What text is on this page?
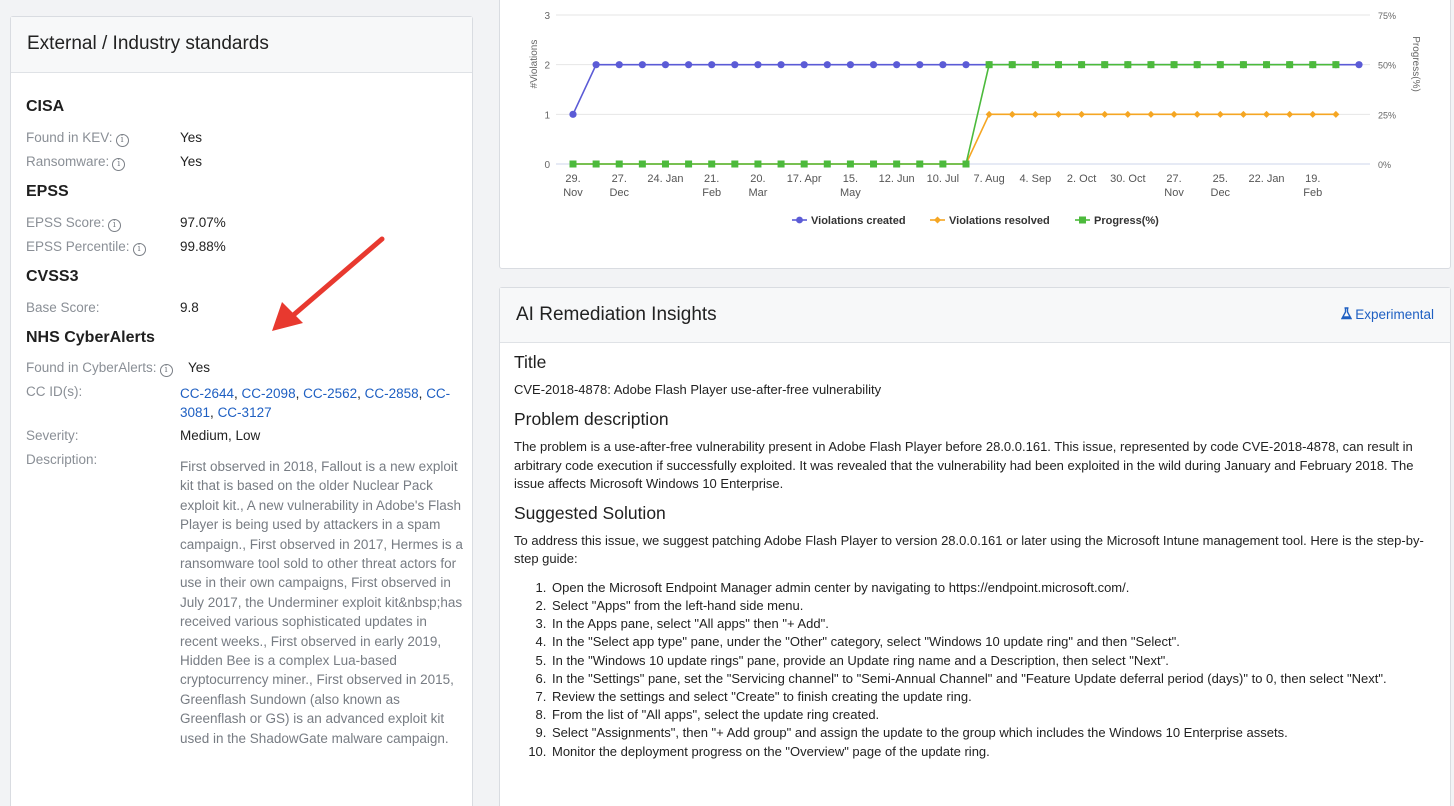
External / Industry standards
CISA
Found in KEV: i	Yes
Ransomware: i	Yes
EPSS
EPSS Score: i	97.07%
EPSS Percentile: i	99.88%
CVSS3
Base Score:	9.8
NHS CyberAlerts
Found in CyberAlerts: i	Yes
CC ID(s):	CC-2644, CC-2098, CC-2562, CC-2858, CC-
3081, CC-3127
Severity:	Medium, Low
Description:	First observed in 2018, Fallout is a new exploit kit that is based on the older Nuclear Pack exploit kit., A new vulnerability in Adobe's Flash Player is being used by attackers in a spam campaign., First observed in 2017, Hermes is a ransomware tool sold to other threat actors for use in their own campaigns, First observed in July 2017, the Underminer exploit kit&nbsp;has received various sophisticated updates in recent weeks., First observed in early 2019, Hidden Bee is a complex Lua-based cryptocurrency miner., First observed in 2015, Greenflash Sundown (also known as Greenflash or GS) is an advanced exploit kit used in the ShadowGate malware campaign.
0
1
2
3
0%
25%
50%
75%
#Violations	Progress(%)
29. Nov
27. Dec
24. Jan 21. Feb
20. Mar
17. Apr 15. May
12. Jun 10. Jul 7. Aug 4. Sep 2. Oct 30. Oct 27. Nov
25. Dec
22. Jan 19. Feb
Violations created	Violations resolved	Progress(%)
AI Remediation Insights	Experimental
Title
CVE-2018-4878: Adobe Flash Player use-after-free vulnerability
Problem description
The problem is a use-after-free vulnerability present in Adobe Flash Player before 28.0.0.161. This issue, represented by code CVE-2018-4878, can result in arbitrary code execution if successfully exploited. It was revealed that the vulnerability had been exploited in the wild during January and February 2018. The issue affects Microsoft Windows 10 Enterprise.
Suggested Solution
To address this issue, we suggest patching Adobe Flash Player to version 28.0.0.161 or later using the Microsoft Intune management tool. Here is the step-by-step guide:
1. Open the Microsoft Endpoint Manager admin center by navigating to https://endpoint.microsoft.com/.
2. Select "Apps" from the left-hand side menu.
3. In the Apps pane, select "All apps" then "+ Add".
4. In the "Select app type" pane, under the "Other" category, select "Windows 10 update ring" and then "Select".
5. In the "Windows 10 update rings" pane, provide an Update ring name and a Description, then select "Next".
6. In the "Settings" pane, set the "Servicing channel" to "Semi-Annual Channel" and "Feature Update deferral period (days)" to 0, then select "Next".
7. Review the settings and select "Create" to finish creating the update ring.
8. From the list of "All apps", select the update ring created.
9. Select "Assignments", then "+ Add group" and assign the update to the group which includes the Windows 10 Enterprise assets.
10. Monitor the deployment progress on the "Overview" page of the update ring.
